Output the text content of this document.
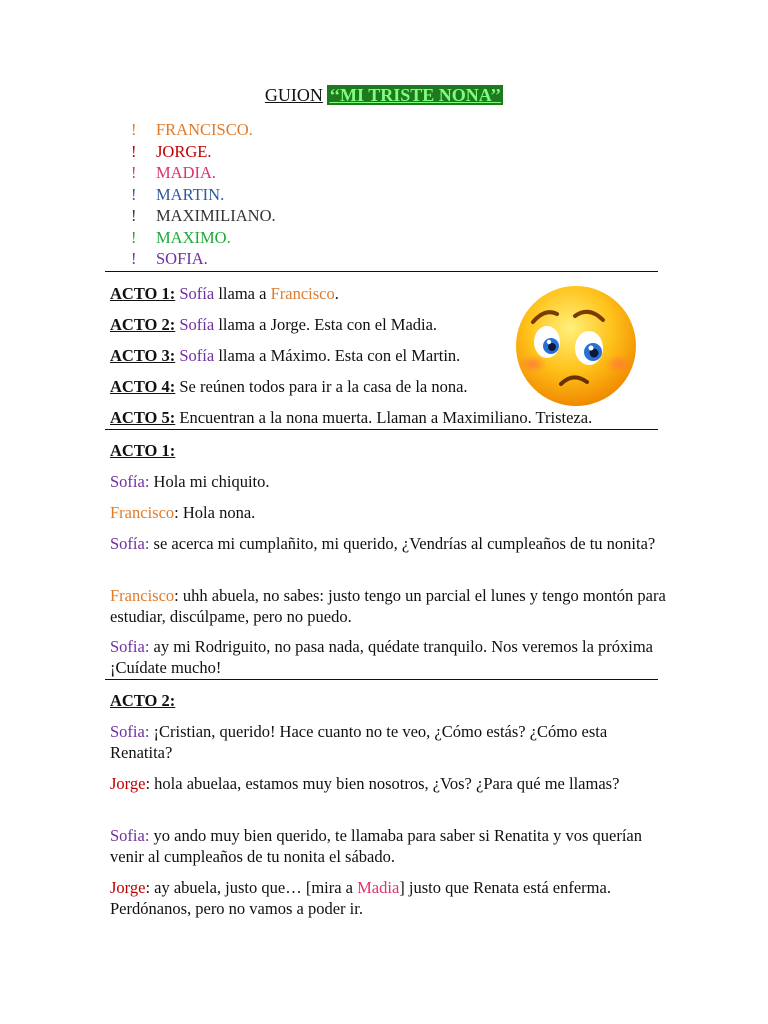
GUION ‘‘MI TRISTE NONA’’
!	FRANCISCO.
!	JORGE.
!	MADIA.
!	MARTIN.
!	MAXIMILIANO.
!	MAXIMO.
!	SOFIA.
ACTO 1: Sofía llama a Francisco.
ACTO 2: Sofía llama a Jorge. Esta con el Madia.
ACTO 3: Sofía llama a Máximo. Esta con el Martin.
ACTO 4: Se reúnen todos para ir a la casa de la nona.
ACTO 5: Encuentran a la nona muerta. Llaman a Maximiliano. Tristeza.
ACTO 1:
Sofía: Hola mi chiquito.
Francisco: Hola nona.
Sofía: se acerca mi cumplañito, mi querido, ¿Vendrías al cumpleaños de tu nonita?
Francisco: uhh abuela, no sabes: justo tengo un parcial el lunes y tengo montón para estudiar, discúlpame, pero no puedo.
Sofia: ay mi Rodriguito, no pasa nada, quédate tranquilo. Nos veremos la próxima ¡Cuídate mucho!
ACTO 2:
Sofia: ¡Cristian, querido! Hace cuanto no te veo, ¿Cómo estás? ¿Cómo esta Renatita?
Jorge: hola abuelaa, estamos muy bien nosotros, ¿Vos? ¿Para qué me llamas?
Sofia: yo ando muy bien querido, te llamaba para saber si Renatita y vos querían venir al cumpleaños de tu nonita el sábado.
Jorge: ay abuela, justo que… [mira a Madia] justo que Renata está enferma. Perdónanos, pero no vamos a poder ir.
